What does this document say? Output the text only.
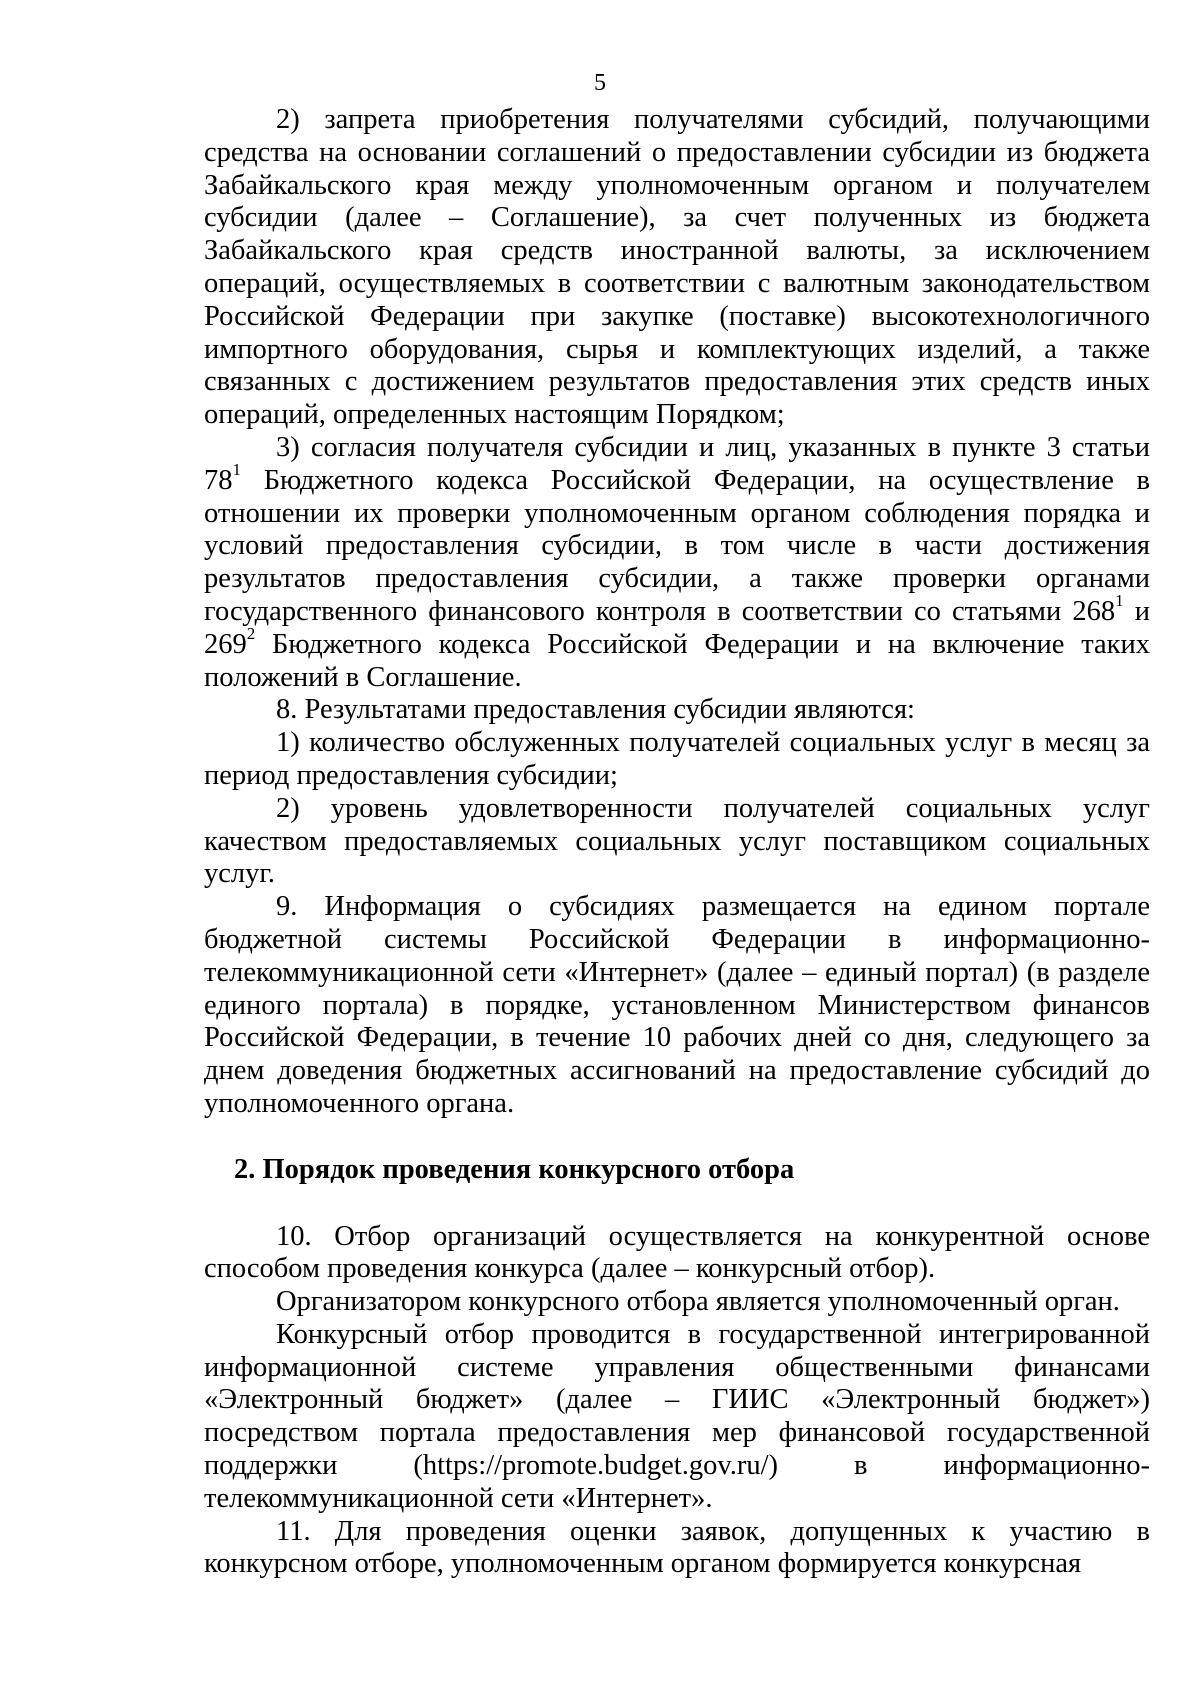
5

2) запрета приобретения получателями субсидий, получающими средства на основании соглашений о предоставлении субсидии из бюджета Забайкальского края между уполномоченным органом и получателем субсидии (далее – Соглашение), за счет полученных из бюджета Забайкальского края средств иностранной валюты, за исключением операций, осуществляемых в соответствии с валютным законодательством Российской Федерации при закупке (поставке) высокотехнологичного импортного оборудования, сырья и комплектующих изделий, а также связанных с достижением результатов предоставления этих средств иных операций, определенных настоящим Порядком;

3) согласия получателя субсидии и лиц, указанных в пункте 3 статьи $78^1$ Бюджетного кодекса Российской Федерации, на осуществление в отношении их проверки уполномоченным органом соблюдения порядка и условий предоставления субсидии, в том числе в части достижения результатов предоставления субсидии, а также проверки органами государственного финансового контроля в соответствии со статьями $268^1$ и $269^2$ Бюджетного кодекса Российской Федерации и на включение таких положений в Соглашение.

8. Результатами предоставления субсидии являются:

1) количество обслуженных получателей социальных услуг в месяц за период предоставления субсидии;

2) уровень удовлетворенности получателей социальных услуг качеством предоставляемых социальных услуг поставщиком социальных услуг.

9. Информация о субсидиях размещается на едином портале бюджетной системы Российской Федерации в информационно-телекоммуникационной сети «Интернет» (далее – единый портал) (в разделе единого портала) в порядке, установленном Министерством финансов Российской Федерации, в течение 10 рабочих дней со дня, следующего за днем доведения бюджетных ассигнований на предоставление субсидий до уполномоченного органа.

2. Порядок проведения конкурсного отбора

10. Отбор организаций осуществляется на конкурентной основе способом проведения конкурса (далее – конкурсный отбор).

Организатором конкурсного отбора является уполномоченный орган.

Конкурсный отбор проводится в государственной интегрированной информационной системе управления общественными финансами «Электронный бюджет» (далее – ГИИС «Электронный бюджет») посредством портала предоставления мер финансовой государственной поддержки (https://promote.budget.gov.ru/) в информационно-телекоммуникационной сети «Интернет».

11. Для проведения оценки заявок, допущенных к участию в конкурсном отборе, уполномоченным органом формируется конкурсная
